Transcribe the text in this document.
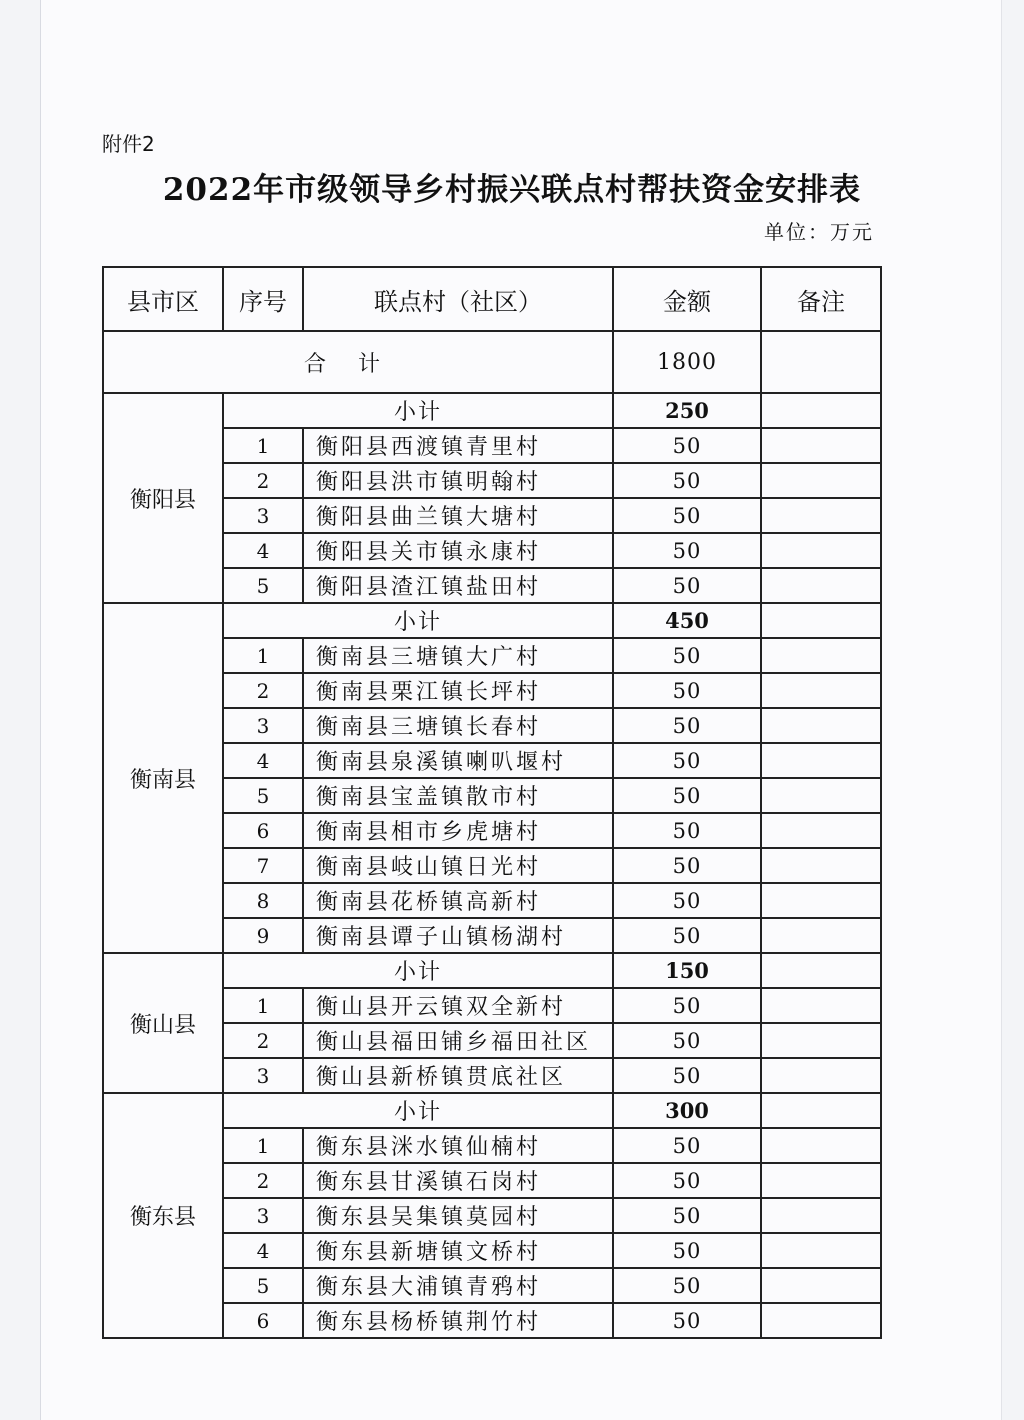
附件2
2022年市级领导乡村振兴联点村帮扶资金安排表
单位：万元
县市区	序号	联点村（社区）	金额	备注
合计			1800	
衡阳县	小计		250	
	1	衡阳县西渡镇青里村	50	
	2	衡阳县洪市镇明翰村	50	
	3	衡阳县曲兰镇大塘村	50	
	4	衡阳县关市镇永康村	50	
	5	衡阳县渣江镇盐田村	50	
衡南县	小计		450	
	1	衡南县三塘镇大广村	50	
	2	衡南县栗江镇长坪村	50	
	3	衡南县三塘镇长春村	50	
	4	衡南县泉溪镇喇叭堰村	50	
	5	衡南县宝盖镇散市村	50	
	6	衡南县相市乡虎塘村	50	
	7	衡南县岐山镇日光村	50	
	8	衡南县花桥镇高新村	50	
	9	衡南县谭子山镇杨湖村	50	
衡山县	小计		150	
	1	衡山县开云镇双全新村	50	
	2	衡山县福田铺乡福田社区	50	
	3	衡山县新桥镇贯底社区	50	
衡东县	小计		300	
	1	衡东县洣水镇仙楠村	50	
	2	衡东县甘溪镇石岗村	50	
	3	衡东县吴集镇莫园村	50	
	4	衡东县新塘镇文桥村	50	
	5	衡东县大浦镇青鸦村	50	
	6	衡东县杨桥镇荆竹村	50	
